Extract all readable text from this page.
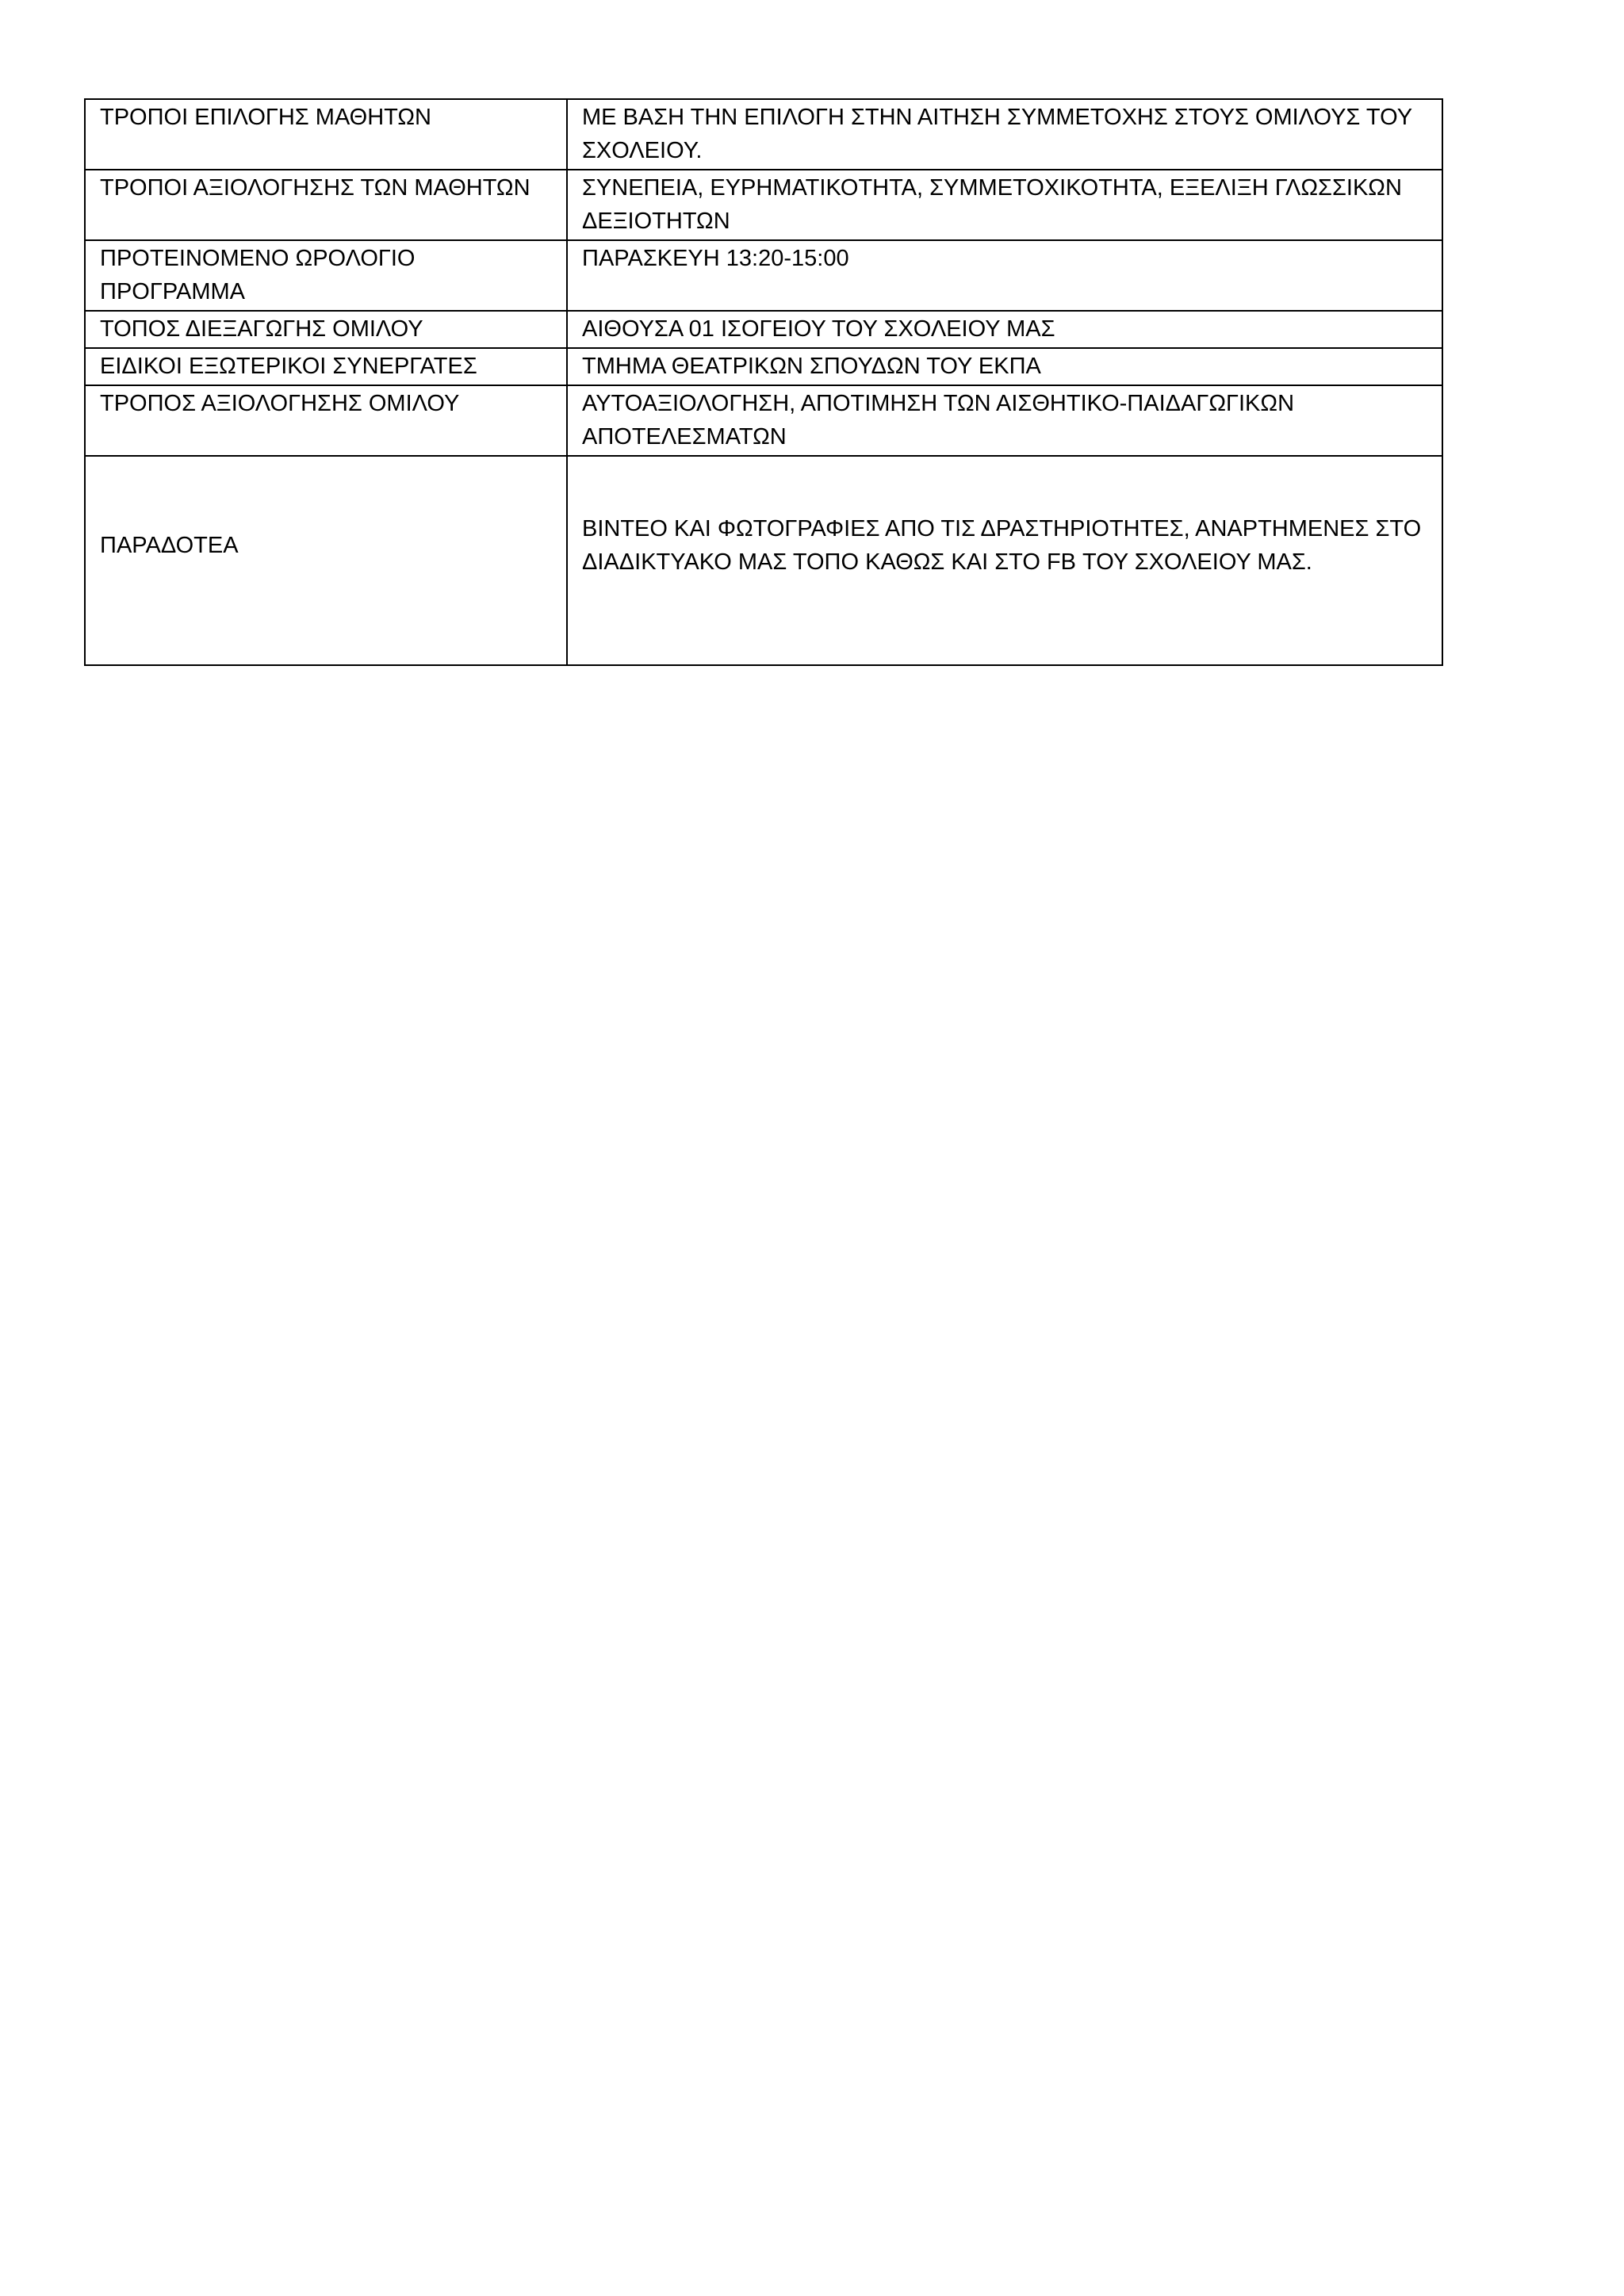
ΤΡΟΠΟΙ ΕΠΙΛΟΓΗΣ ΜΑΘΗΤΩΝ	ΜΕ ΒΑΣΗ ΤΗΝ ΕΠΙΛΟΓΗ ΣΤΗΝ ΑΙΤΗΣΗ ΣΥΜΜΕΤΟΧΗΣ ΣΤΟΥΣ ΟΜΙΛΟΥΣ ΤΟΥ ΣΧΟΛΕΙΟΥ.
ΤΡΟΠΟΙ ΑΞΙΟΛΟΓΗΣΗΣ ΤΩΝ ΜΑΘΗΤΩΝ	ΣΥΝΕΠΕΙΑ, ΕΥΡΗΜΑΤΙΚΟΤΗΤΑ, ΣΥΜΜΕΤΟΧΙΚΟΤΗΤΑ, ΕΞΕΛΙΞΗ ΓΛΩΣΣΙΚΩΝ ΔΕΞΙΟΤΗΤΩΝ
ΠΡΟΤΕΙΝΟΜΕΝΟ ΩΡΟΛΟΓΙΟ ΠΡΟΓΡΑΜΜΑ	ΠΑΡΑΣΚΕΥΗ 13:20-15:00
ΤΟΠΟΣ ΔΙΕΞΑΓΩΓΗΣ ΟΜΙΛΟΥ	ΑΙΘΟΥΣΑ 01 ΙΣΟΓΕΙΟΥ ΤΟΥ ΣΧΟΛΕΙΟΥ ΜΑΣ
ΕΙΔΙΚΟΙ ΕΞΩΤΕΡΙΚΟΙ ΣΥΝΕΡΓΑΤΕΣ	ΤΜΗΜΑ ΘΕΑΤΡΙΚΩΝ ΣΠΟΥΔΩΝ ΤΟΥ ΕΚΠΑ
ΤΡΟΠΟΣ ΑΞΙΟΛΟΓΗΣΗΣ ΟΜΙΛΟΥ	ΑΥΤΟΑΞΙΟΛΟΓΗΣΗ, ΑΠΟΤΙΜΗΣΗ ΤΩΝ ΑΙΣΘΗΤΙΚΟ-ΠΑΙΔΑΓΩΓΙΚΩΝ ΑΠΟΤΕΛΕΣΜΑΤΩΝ
ΠΑΡΑΔΟΤΕΑ	ΒΙΝΤΕΟ ΚΑΙ ΦΩΤΟΓΡΑΦΙΕΣ ΑΠΟ ΤΙΣ ΔΡΑΣΤΗΡΙΟΤΗΤΕΣ, ΑΝΑΡΤΗΜΕΝΕΣ ΣΤΟ ΔΙΑΔΙΚΤΥΑΚΟ ΜΑΣ ΤΟΠΟ ΚΑΘΩΣ ΚΑΙ ΣΤΟ FB ΤΟΥ ΣΧΟΛΕΙΟΥ ΜΑΣ.
